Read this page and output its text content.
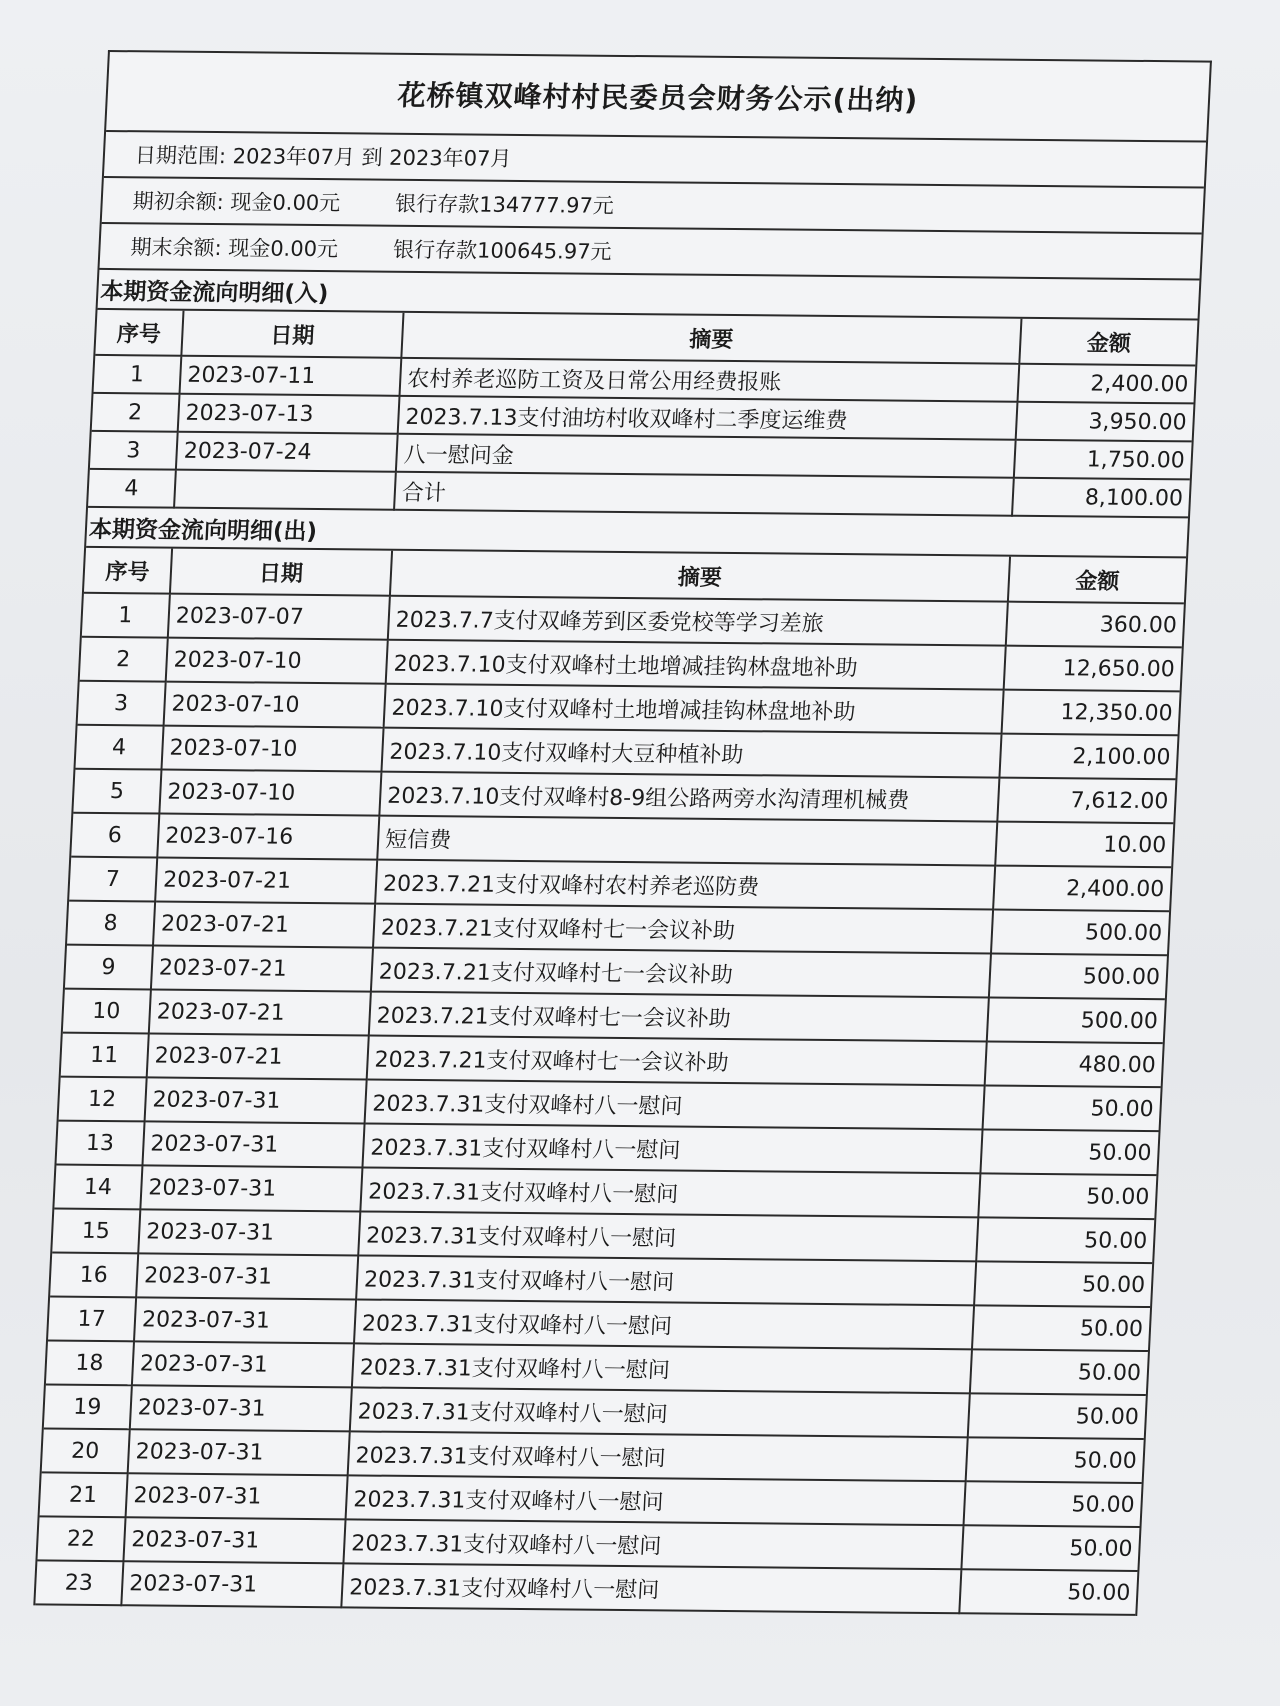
花桥镇双峰村村民委员会财务公示(出纳)
日期范围: 2023年07月 到 2023年07月
期初余额: 现金0.00元	银行存款134777.97元
期末余额: 现金0.00元	银行存款100645.97元
本期资金流向明细(入)
序号	日期	摘要	金额
1	2023-07-11	农村养老巡防工资及日常公用经费报账	2,400.00
2	2023-07-13	2023.7.13支付油坊村收双峰村二季度运维费	3,950.00
3	2023-07-24	八一慰问金	1,750.00
4		合计	8,100.00
本期资金流向明细(出)
序号	日期	摘要	金额
1	2023-07-07	2023.7.7支付双峰芳到区委党校等学习差旅	360.00
2	2023-07-10	2023.7.10支付双峰村土地增减挂钩林盘地补助	12,650.00
3	2023-07-10	2023.7.10支付双峰村土地增减挂钩林盘地补助	12,350.00
4	2023-07-10	2023.7.10支付双峰村大豆种植补助	2,100.00
5	2023-07-10	2023.7.10支付双峰村8-9组公路两旁水沟清理机械费	7,612.00
6	2023-07-16	短信费	10.00
7	2023-07-21	2023.7.21支付双峰村农村养老巡防费	2,400.00
8	2023-07-21	2023.7.21支付双峰村七一会议补助	500.00
9	2023-07-21	2023.7.21支付双峰村七一会议补助	500.00
10	2023-07-21	2023.7.21支付双峰村七一会议补助	500.00
11	2023-07-21	2023.7.21支付双峰村七一会议补助	480.00
12	2023-07-31	2023.7.31支付双峰村八一慰问	50.00
13	2023-07-31	2023.7.31支付双峰村八一慰问	50.00
14	2023-07-31	2023.7.31支付双峰村八一慰问	50.00
15	2023-07-31	2023.7.31支付双峰村八一慰问	50.00
16	2023-07-31	2023.7.31支付双峰村八一慰问	50.00
17	2023-07-31	2023.7.31支付双峰村八一慰问	50.00
18	2023-07-31	2023.7.31支付双峰村八一慰问	50.00
19	2023-07-31	2023.7.31支付双峰村八一慰问	50.00
20	2023-07-31	2023.7.31支付双峰村八一慰问	50.00
21	2023-07-31	2023.7.31支付双峰村八一慰问	50.00
22	2023-07-31	2023.7.31支付双峰村八一慰问	50.00
23	2023-07-31	2023.7.31支付双峰村八一慰问	50.00
